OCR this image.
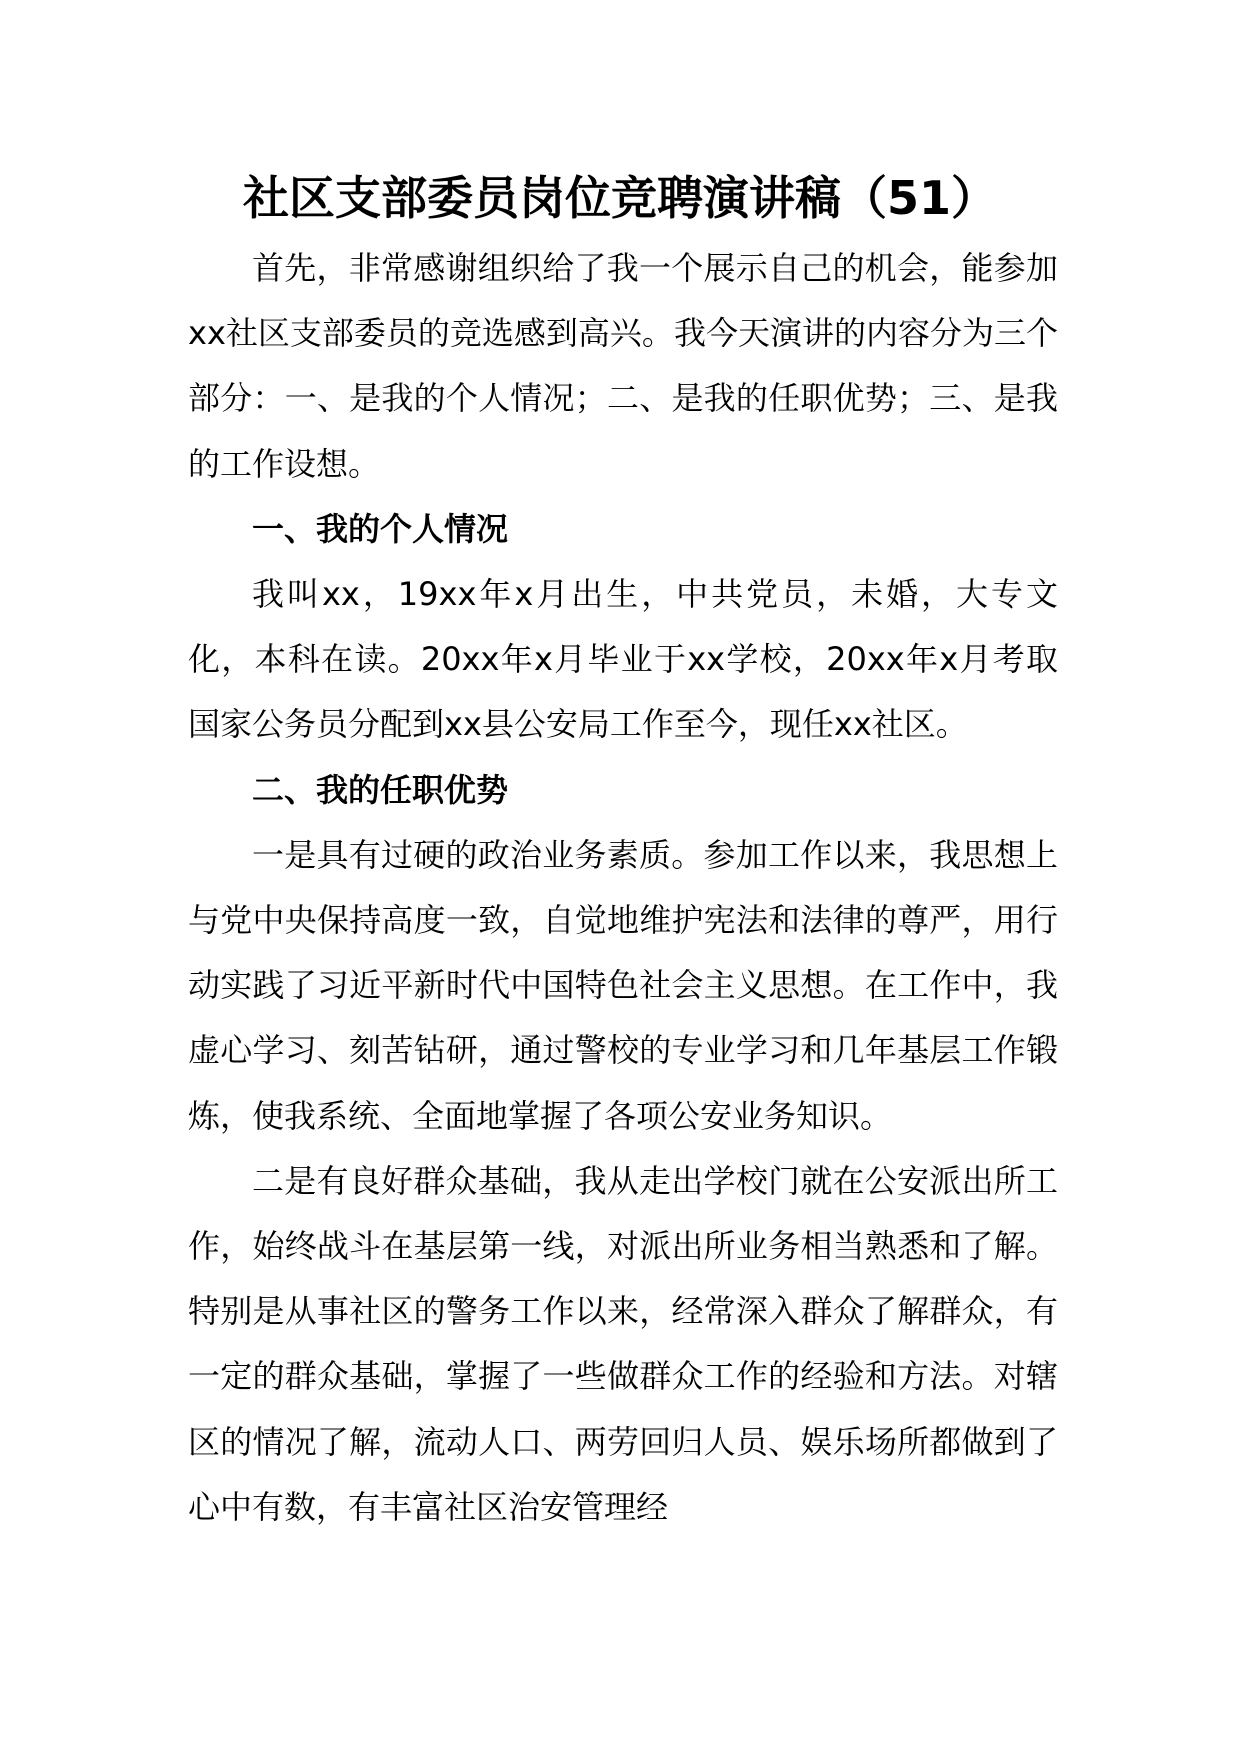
社区支部委员岗位竞聘演讲稿（51）

首先，非常感谢组织给了我一个展示自己的机会，能参加xx社区支部委员的竞选感到高兴。我今天演讲的内容分为三个部分：一、是我的个人情况；二、是我的任职优势；三、是我的工作设想。

一、我的个人情况

我叫xx，19xx年x月出生，中共党员，未婚，大专文化，本科在读。20xx年x月毕业于xx学校，20xx年x月考取国家公务员分配到xx县公安局工作至今，现任xx社区。

二、我的任职优势

一是具有过硬的政治业务素质。参加工作以来，我思想上与党中央保持高度一致，自觉地维护宪法和法律的尊严，用行动实践了习近平新时代中国特色社会主义思想。在工作中，我虚心学习、刻苦钻研，通过警校的专业学习和几年基层工作锻炼，使我系统、全面地掌握了各项公安业务知识。

二是有良好群众基础，我从走出学校门就在公安派出所工作，始终战斗在基层第一线，对派出所业务相当熟悉和了解。特别是从事社区的警务工作以来，经常深入群众了解群众，有一定的群众基础，掌握了一些做群众工作的经验和方法。对辖区的情况了解，流动人口、两劳回归人员、娱乐场所都做到了心中有数，有丰富社区治安管理经
